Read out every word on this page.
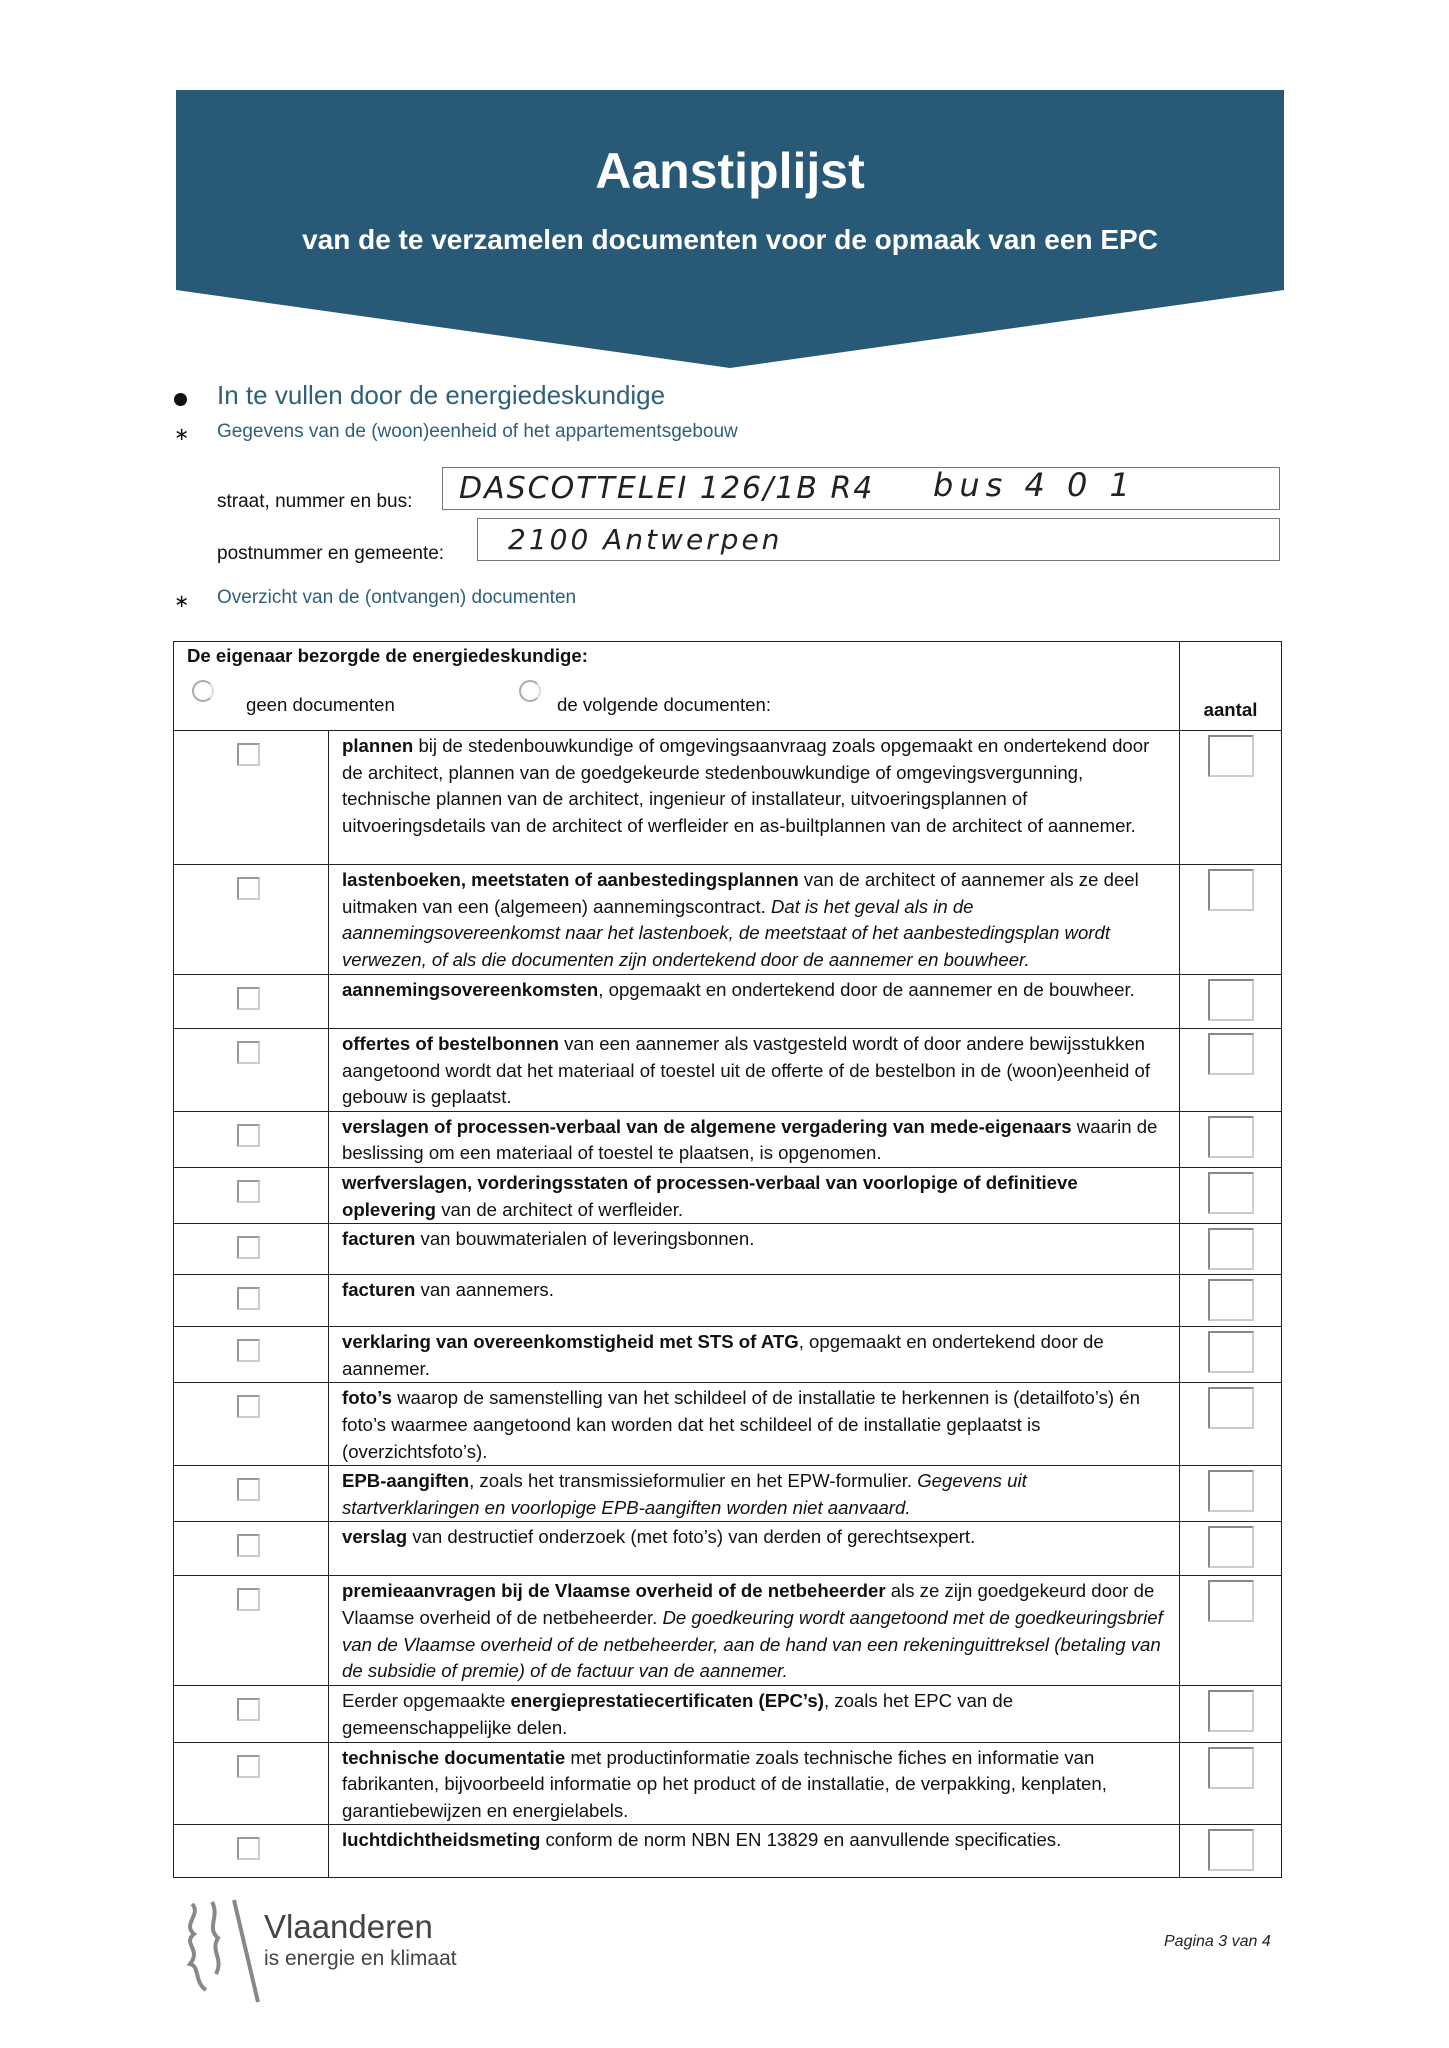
Aanstiplijst
van de te verzamelen documenten voor de opmaak van een EPC
In te vullen door de energiedeskundige
∗ Gegevens van de (woon)eenheid of het appartementsgebouw
straat, nummer en bus: DASCOTTELEI 126/1B R4 bus 4 0 1
postnummer en gemeente: 2100 Antwerpen
∗ Overzicht van de (ontvangen) documenten
De eigenaar bezorgde de energiedeskundige:
geen documenten de volgende documenten:		aantal

	plannen bij de stedenbouwkundige of omgevingsaanvraag zoals opgemaakt en ondertekend door de architect, plannen van de goedgekeurde stedenbouwkundige of omgevingsvergunning, technische plannen van de architect, ingenieur of installateur, uitvoeringsplannen of uitvoeringsdetails van de architect of werfleider en as-builtplannen van de architect of aannemer.	

	lastenboeken, meetstaten of aanbestedingsplannen van de architect of aannemer als ze deel uitmaken van een (algemeen) aannemingscontract. Dat is het geval als in de aannemingsovereenkomst naar het lastenboek, de meetstaat of het aanbestedingsplan wordt verwezen, of als die documenten zijn ondertekend door de aannemer en bouwheer.	

	aannemingsovereenkomsten, opgemaakt en ondertekend door de aannemer en de bouwheer.	

	offertes of bestelbonnen van een aannemer als vastgesteld wordt of door andere bewijsstukken aangetoond wordt dat het materiaal of toestel uit de offerte of de bestelbon in de (woon)eenheid of gebouw is geplaatst.	

	verslagen of processen-verbaal van de algemene vergadering van mede-eigenaars waarin de beslissing om een materiaal of toestel te plaatsen, is opgenomen.	

	werfverslagen, vorderingsstaten of processen-verbaal van voorlopige of definitieve oplevering van de architect of werfleider.	

	facturen van bouwmaterialen of leveringsbonnen.	

	facturen van aannemers.	

	verklaring van overeenkomstigheid met STS of ATG, opgemaakt en ondertekend door de aannemer.	

	foto’s waarop de samenstelling van het schildeel of de installatie te herkennen is (detailfoto’s) én foto’s waarmee aangetoond kan worden dat het schildeel of de installatie geplaatst is (overzichtsfoto’s).	

	EPB-aangiften, zoals het transmissieformulier en het EPW-formulier. Gegevens uit startverklaringen en voorlopige EPB-aangiften worden niet aanvaard.	

	verslag van destructief onderzoek (met foto’s) van derden of gerechtsexpert.	

	premieaanvragen bij de Vlaamse overheid of de netbeheerder als ze zijn goedgekeurd door de Vlaamse overheid of de netbeheerder. De goedkeuring wordt aangetoond met de goedkeuringsbrief van de Vlaamse overheid of de netbeheerder, aan de hand van een rekeninguittreksel (betaling van de subsidie of premie) of de factuur van de aannemer.	

	Eerder opgemaakte energieprestatiecertificaten (EPC’s), zoals het EPC van de gemeenschappelijke delen.	

	technische documentatie met productinformatie zoals technische fiches en informatie van fabrikanten, bijvoorbeeld informatie op het product of de installatie, de verpakking, kenplaten, garantiebewijzen en energielabels.	

	luchtdichtheidsmeting conform de norm NBN EN 13829 en aanvullende specificaties.	
Vlaanderen
is energie en klimaat
Pagina 3 van 4
